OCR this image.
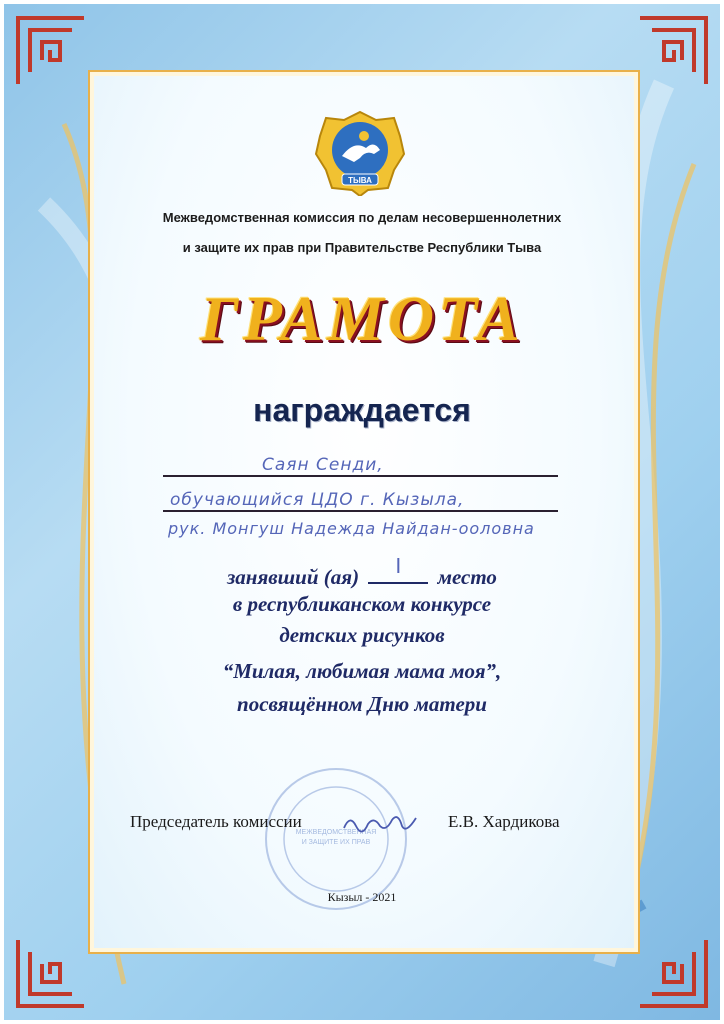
ТЫВА
Межведомственная комиссия по делам несовершеннолетних
и защите их прав при Правительстве Республики Тыва
ГРАМОТА
награждается
Саян Сенди,
обучающийся ЦДО г. Кызыла,
рук. Монгуш Надежда Найдан-ооловна
занявший (ая)	I	место
в республиканском конкурсе
детских рисунков
“Милая, любимая мама моя”,
посвящённом Дню матери
МЕЖВЕДОМСТВЕННАЯ
И ЗАЩИТЕ ИХ ПРАВ
Председатель комиссии	Е.В. Хардикова
Кызыл - 2021
